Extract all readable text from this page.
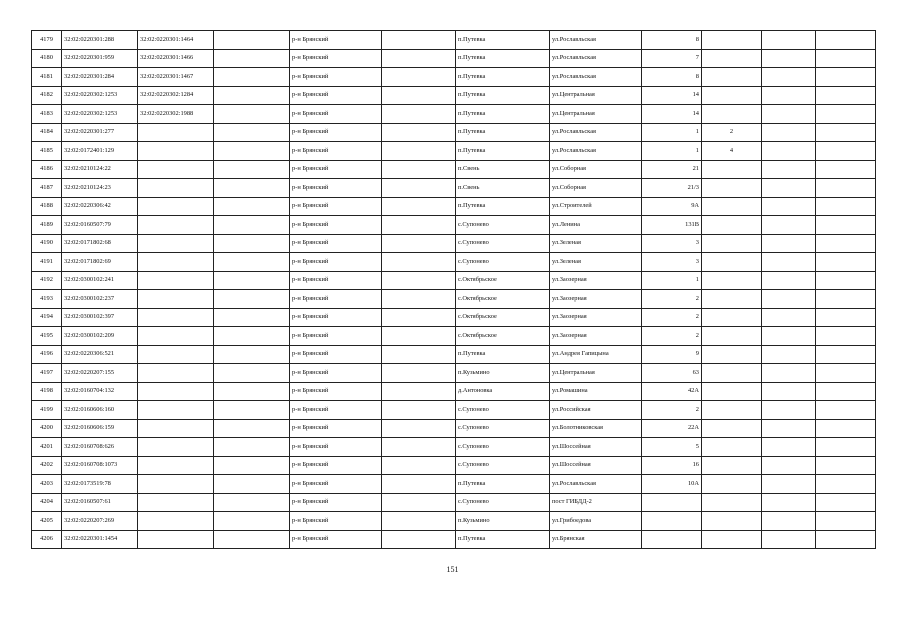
4179	32:02:0220301:288	32:02:0220301:1464		р-н Брянский		п.Путевка	ул.Рославльская	8			
4180	32:02:0220301:959	32:02:0220301:1466		р-н Брянский		п.Путевка	ул.Рославльская	7			
4181	32:02:0220301:284	32:02:0220301:1467		р-н Брянский		п.Путевка	ул.Рославльская	8			
4182	32:02:0220302:1253	32:02:0220302:1284		р-н Брянский		п.Путевка	ул.Центральная	14			
4183	32:02:0220302:1253	32:02:0220302:1988		р-н Брянский		п.Путевка	ул.Центральная	14			
4184	32:02:0220301:277			р-н Брянский		п.Путевка	ул.Рославльская	1	2		
4185	32:02:0172401:129			р-н Брянский		п.Путевка	ул.Рославльская	1	4		
4186	32:02:0210124:22			р-н Брянский		п.Свень	ул.Соборная	21			
4187	32:02:0210124:23			р-н Брянский		п.Свень	ул.Соборная	21/3			
4188	32:02:0220306:42			р-н Брянский		п.Путевка	ул.Строителей	9А			
4189	32:02:0160507:79			р-н Брянский		с.Супонево	ул.Ленина	131В			
4190	32:02:0171802:68			р-н Брянский		с.Супонево	ул.Зеленая	3			
4191	32:02:0171802:69			р-н Брянский		с.Супонево	ул.Зеленая	3			
4192	32:02:0300102:241			р-н Брянский		с.Октябрьское	ул.Заозерная	1			
4193	32:02:0300102:237			р-н Брянский		с.Октябрьское	ул.Заозерная	2			
4194	32:02:0300102:397			р-н Брянский		с.Октябрьское	ул.Заозерная	2			
4195	32:02:0300102:209			р-н Брянский		с.Октябрьское	ул.Заозерная	2			
4196	32:02:0220306:521			р-н Брянский		п.Путевка	ул.Андрея Гапицына	9			
4197	32:02:0220207:155			р-н Брянский		п.Кузьмино	ул.Центральная	63			
4198	32:02:0160704:132			р-н Брянский		д.Антоновка	ул.Ромашина	42А			
4199	32:02:0160606:160			р-н Брянский		с.Супонево	ул.Российская	2			
4200	32:02:0160606:159			р-н Брянский		с.Супонево	ул.Болотниковская	22А			
4201	32:02:0160708:626			р-н Брянский		с.Супонево	ул.Шоссейная	5			
4202	32:02:0160708:1073			р-н Брянский		с.Супонево	ул.Шоссейная	16			
4203	32:02:0173519:78			р-н Брянский		п.Путевка	ул.Рославльская	10А			
4204	32:02:0160507:61			р-н Брянский		с.Супонево	пост ГИБДД-2				
4205	32:02:0220207:269			р-н Брянский		п.Кузьмино	ул.Грибоедова				
4206	32:02:0220301:1454			р-н Брянский		п.Путевка	ул.Брянская				
151
